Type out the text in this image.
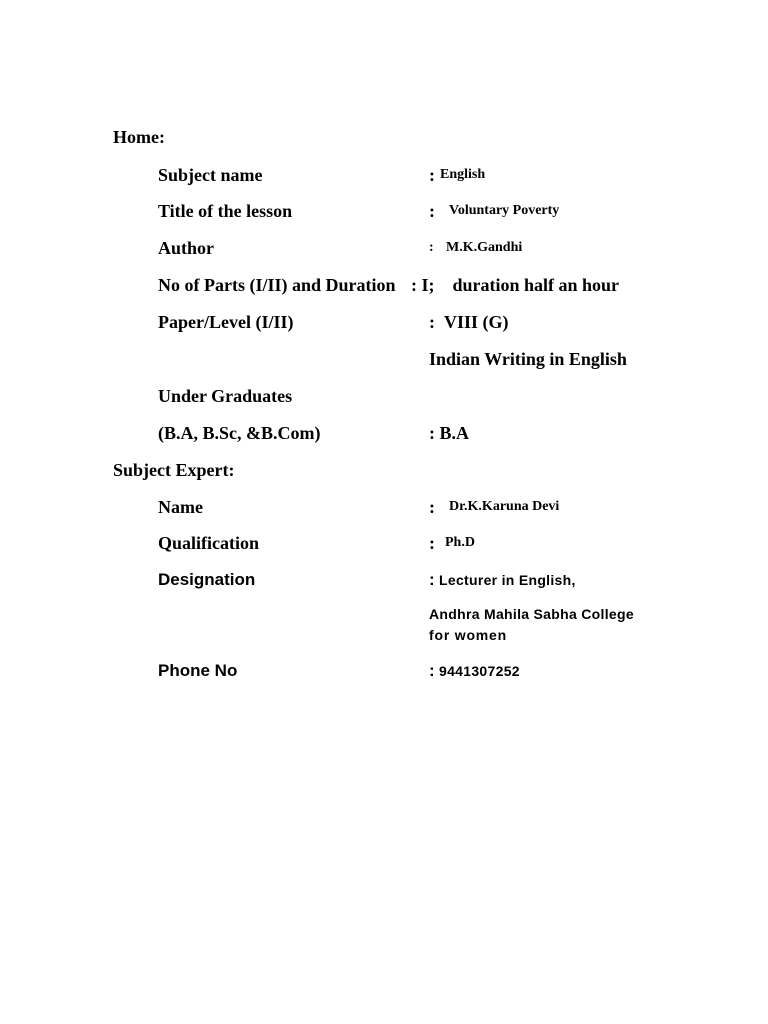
Home:
Subject name	: English
Title of the lesson	: Voluntary Poverty
Author	: M.K.Gandhi
No of Parts (I/II) and Duration : I;    duration half an hour
Paper/Level (I/II)	: VIII (G)
Indian Writing in English
Under Graduates
(B.A, B.Sc, &B.Com)	: B.A
Subject Expert:
Name	: Dr.K.Karuna Devi
Qualification	: Ph.D
Designation	: Lecturer in English,
Andhra Mahila Sabha College
for women
Phone No	: 9441307252
